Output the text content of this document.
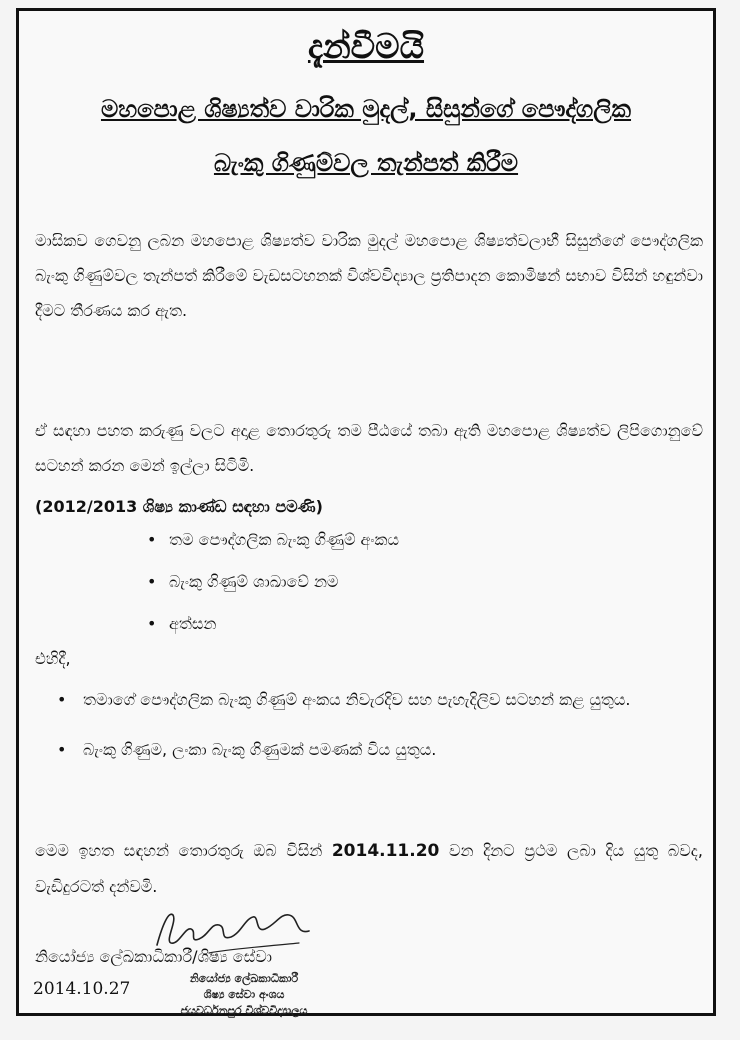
දැන්වීමයි
මහපොළ ශිෂ්‍යත්ව වාරික මුදල්, සිසුන්ගේ පෞද්ගලික
බැංකු ගිණුම්වල තැන්පත් කිරීම
මාසිකව ගෙවනු ලබන මහපොළ ශිෂ්‍යත්ව වාරික මුදල් මහපොළ ශිෂ්‍යත්වලාභී සිසුන්ගේ පෞද්ගලික බැංකු ගිණුම්වල තැන්පත් කිරීමේ වැඩසටහනක් විශ්වවිද්‍යාල ප්‍රතිපාදන කොමිෂන් සභාව විසින් හඳුන්වා දීමට තීරණය කර ඇත.
ඒ සඳහා පහත කරුණු වලට අදාළ තොරතුරු තම පීඨයේ තබා ඇති මහපොළ ශිෂ්‍යත්ව ලිපිගොනුවේ සටහන් කරන මෙන් ඉල්ලා සිටිමි.
(2012/2013 ශිෂ්‍ය කාණ්ඩ සඳහා පමණි)
• තම පෞද්ගලික බැංකු ගිණුම් අංකය
• බැංකු ගිණුම් ශාඛාවේ නම
• අත්සන
එහිදී,
• තමාගේ පෞද්ගලික බැංකු ගිණුම් අංකය නිවැරදිව සහ පැහැදිලිව සටහන් කළ යුතුය.
• බැංකු ගිණුම, ලංකා බැංකු ගිණුමක් පමණක් විය යුතුය.
මෙම ඉහත සඳහන් තොරතුරු ඔබ විසින් 2014.11.20 වන දිනට ප්‍රථම ලබා දිය යුතු බවද, වැඩිදුරටත් දන්වමි.
නියෝජ්‍ය ලේඛකාධිකාරී/ශිෂ්‍ය සේවා
2014.10.27
නියෝජ්‍ය ලේඛකාධිකාරී
ශිෂ්‍ය සේවා අංශය
ජයවර්ධනපුර විශ්වවිද්‍යාලය
